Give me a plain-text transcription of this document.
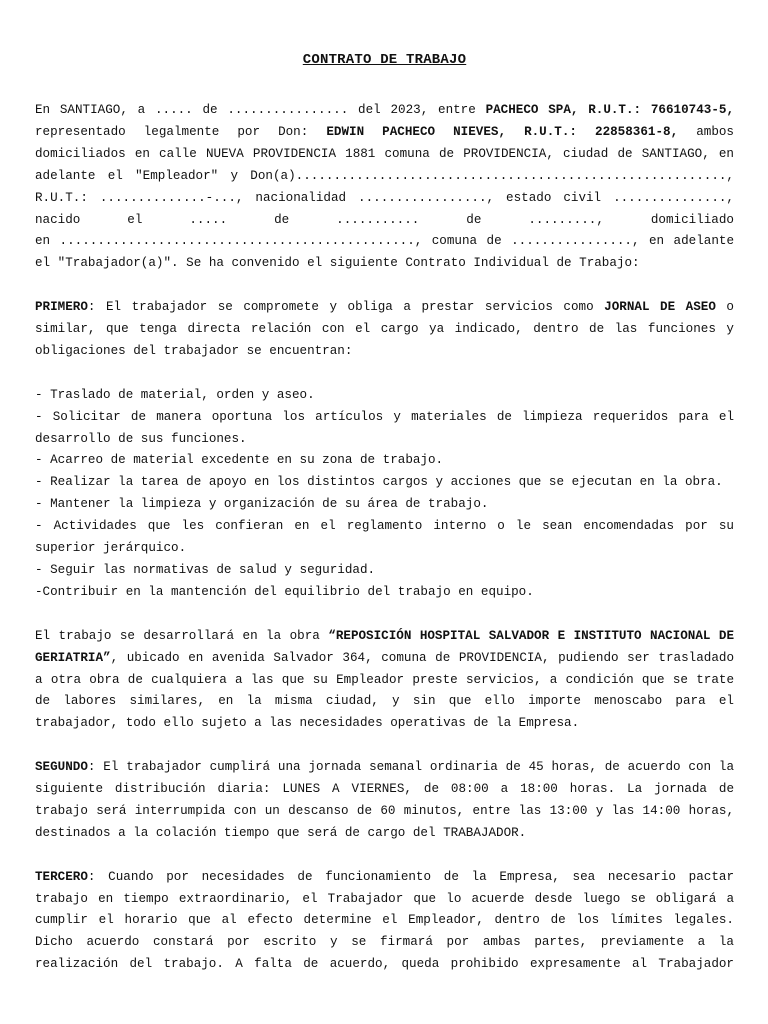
CONTRATO DE TRABAJO
En SANTIAGO, a ..... de ................ del 2023, entre PACHECO SPA, R.U.T.: 76610743-5,
representado legalmente por Don: EDWIN PACHECO NIEVES, R.U.T.: 22858361-8, ambos
domiciliados en calle NUEVA PROVIDENCIA 1881 comuna de PROVIDENCIA, ciudad de SANTIAGO, en
adelante el "Empleador" y Don(a).........................................................,
R.U.T.: ..............-..., nacionalidad ................., estado civil ...............,
nacido el ..... de ........... de ........., domiciliado
en ..............................................., comuna de ................, en adelante
el "Trabajador(a)". Se ha convenido el siguiente Contrato Individual de Trabajo:
PRIMERO: El trabajador se compromete y obliga a prestar servicios como JORNAL DE ASEO o
similar, que tenga directa relación con el cargo ya indicado, dentro de las funciones y
obligaciones del trabajador se encuentran:
- Traslado de material, orden y aseo.
- Solicitar de manera oportuna los artículos y materiales de limpieza requeridos para el
desarrollo de sus funciones.
- Acarreo de material excedente en su zona de trabajo.
- Realizar la tarea de apoyo en los distintos cargos y acciones que se ejecutan en la obra.
- Mantener la limpieza y organización de su área de trabajo.
- Actividades que les confieran en el reglamento interno o le sean encomendadas por su
superior jerárquico.
- Seguir las normativas de salud y seguridad.
-Contribuir en la mantención del equilibrio del trabajo en equipo.
El trabajo se desarrollará en la obra “REPOSICIÓN HOSPITAL SALVADOR E INSTITUTO NACIONAL DE
GERIATRIA”, ubicado en avenida Salvador 364, comuna de PROVIDENCIA, pudiendo ser trasladado
a otra obra de cualquiera a las que su Empleador preste servicios, a condición que se trate
de labores similares, en la misma ciudad, y sin que ello importe menoscabo para el
trabajador, todo ello sujeto a las necesidades operativas de la Empresa.
SEGUNDO: El trabajador cumplirá una jornada semanal ordinaria de 45 horas, de acuerdo con la
siguiente distribución diaria: LUNES A VIERNES, de 08:00 a 18:00 horas. La jornada de
trabajo será interrumpida con un descanso de 60 minutos, entre las 13:00 y las 14:00 horas,
destinados a la colación tiempo que será de cargo del TRABAJADOR.
TERCERO: Cuando por necesidades de funcionamiento de la Empresa, sea necesario pactar
trabajo en tiempo extraordinario, el Trabajador que lo acuerde desde luego se obligará a
cumplir el horario que al efecto determine el Empleador, dentro de los límites legales.
Dicho acuerdo constará por escrito y se firmará por ambas partes, previamente a la
realización del trabajo. A falta de acuerdo, queda prohibido expresamente al Trabajador
